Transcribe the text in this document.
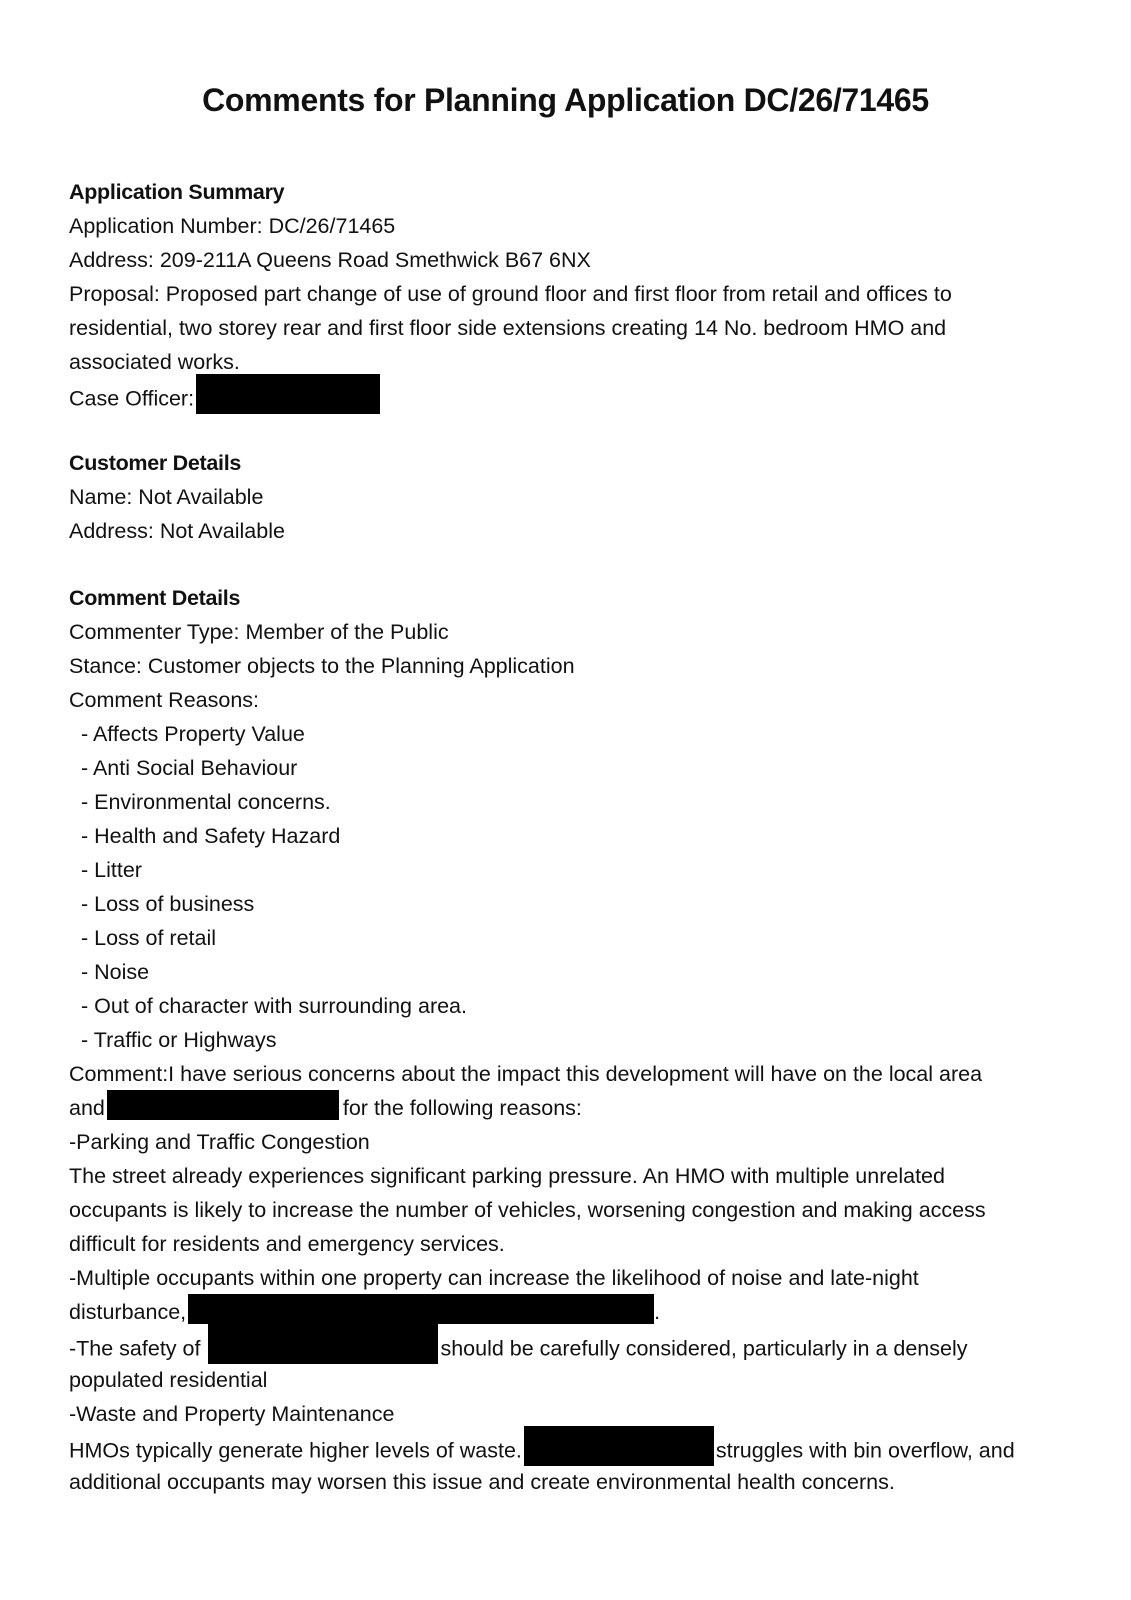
Comments for Planning Application DC/26/71465
Application Summary
Application Number: DC/26/71465
Address: 209-211A Queens Road Smethwick B67 6NX
Proposal: Proposed part change of use of ground floor and first floor from retail and offices to
residential, two storey rear and first floor side extensions creating 14 No. bedroom HMO and
associated works.
Case Officer:
Customer Details
Name: Not Available
Address: Not Available
Comment Details
Commenter Type: Member of the Public
Stance: Customer objects to the Planning Application
Comment Reasons:
- Affects Property Value
- Anti Social Behaviour
- Environmental concerns.
- Health and Safety Hazard
- Litter
- Loss of business
- Loss of retail
- Noise
- Out of character with surrounding area.
- Traffic or Highways
Comment:I have serious concerns about the impact this development will have on the local area
and	for the following reasons:
-Parking and Traffic Congestion
The street already experiences significant parking pressure. An HMO with multiple unrelated
occupants is likely to increase the number of vehicles, worsening congestion and making access
difficult for residents and emergency services.
-Multiple occupants within one property can increase the likelihood of noise and late-night
disturbance,	.
-The safety of	should be carefully considered, particularly in a densely
populated residential
-Waste and Property Maintenance
HMOs typically generate higher levels of waste.	struggles with bin overflow, and
additional occupants may worsen this issue and create environmental health concerns.
